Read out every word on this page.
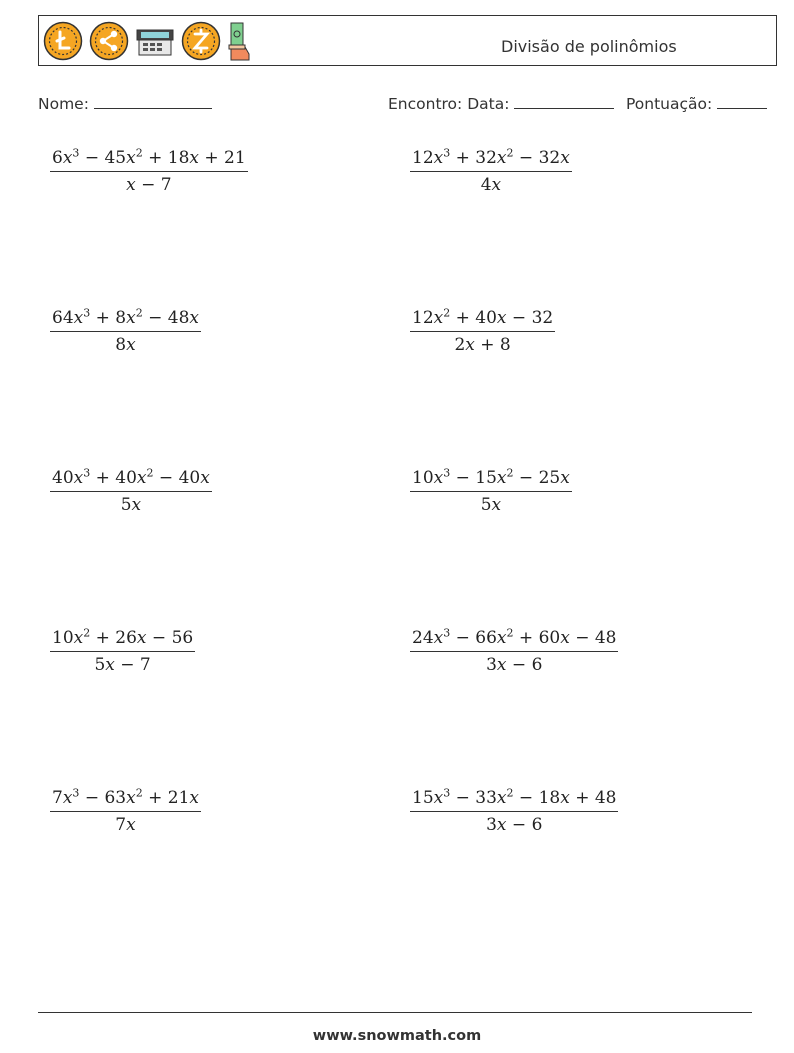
Divisão de polinômios
Nome:	Encontro: Data:	Pontuação:
$\frac{6x^3 - 45x^2 + 18x + 21}{x - 7}$	$\frac{12x^3 + 32x^2 - 32x}{4x}$
$\frac{64x^3 + 8x^2 - 48x}{8x}$	$\frac{12x^2 + 40x - 32}{2x + 8}$
$\frac{40x^3 + 40x^2 - 40x}{5x}$	$\frac{10x^3 - 15x^2 - 25x}{5x}$
$\frac{10x^2 + 26x - 56}{5x - 7}$	$\frac{24x^3 - 66x^2 + 60x - 48}{3x - 6}$
$\frac{7x^3 - 63x^2 + 21x}{7x}$	$\frac{15x^3 - 33x^2 - 18x + 48}{3x - 6}$
www.snowmath.com
